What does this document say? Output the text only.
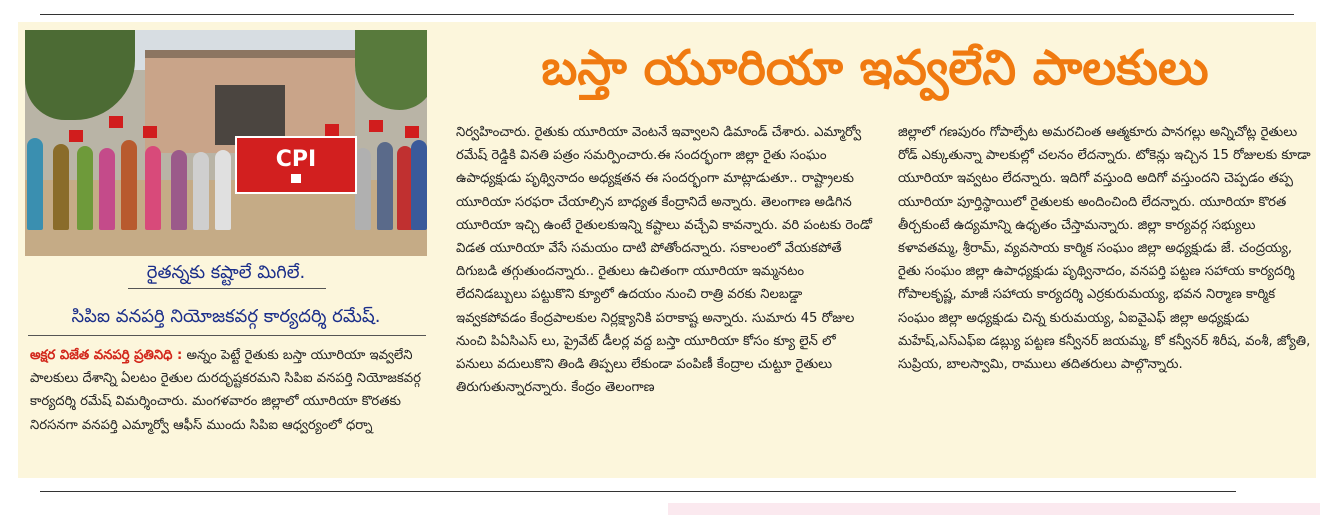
CPI

రైతన్నకు కష్టాలే మిగిలే.
సిపిఐ వనపర్తి నియోజకవర్గ కార్యదర్శి రమేష్.
బస్తా యూరియా ఇవ్వలేని పాలకులు
అక్షర విజేత వనపర్తి ప్రతినిధి : అన్నం పెట్టే రైతుకు బస్తా యూరియా ఇవ్వలేని పాలకులు దేశాన్ని ఏలటం రైతుల దురదృష్టకరమని సిపిఐ వనపర్తి నియోజకవర్గ కార్యదర్శి రమేష్ విమర్శించారు. మంగళవారం జిల్లాలో యూరియా కొరతకు నిరసనగా వనపర్తి ఎమ్మార్వో ఆఫీస్ ముందు సిపిఐ ఆధ్వర్యంలో ధర్నా
నిర్వహించారు. రైతుకు యూరియా వెంటనే ఇవ్వాలని డిమాండ్ చేశారు. ఎమ్మార్వో రమేష్ రెడ్డికి వినతి పత్రం సమర్పించారు.ఈ సందర్భంగా జిల్లా రైతు సంఘం ఉపాధ్యక్షుడు పృథ్వినాదం అధ్యక్షతన ఈ సందర్భంగా మాట్లాడుతూ.. రాష్ట్రాలకు యూరియా సరఫరా చేయాల్సిన బాధ్యత కేంద్రానిదే అన్నారు. తెలంగాణ అడిగిన యూరియా ఇచ్చి ఉంటే రైతులకుఇన్ని కష్టాలు వచ్చేవి కావన్నారు. వరి పంటకు రెండో విడత యూరియా వేసే సమయం దాటి పోతోందన్నారు. సకాలంలో వేయకపోతే దిగుబడి తగ్గుతుందన్నారు.. రైతులు ఉచితంగా యూరియా ఇమ్మనటం లేదనిడబ్బులు పట్టుకొని క్యూలో ఉదయం నుంచి రాత్రి వరకు నిలబడ్డా ఇవ్వకపోవడం కేంద్రపాలకుల నిర్లక్ష్యానికి పరాకాష్ట అన్నారు. సుమారు 45 రోజుల నుంచి పిఏసిఎస్ లు, ప్రైవేట్ డీలర్ల వద్ద బస్తా యూరియా కోసం క్యూ లైన్ లో పనులు వదులుకొని తిండి తిప్పలు లేకుండా పంపిణీ కేంద్రాల చుట్టూ రైతులు తిరుగుతున్నారన్నారు. కేంద్రం తెలంగాణ
జిల్లాలో గణపురం గోపాల్పేట అమరచింత ఆత్మకూరు పానగల్లు అన్నిచోట్ల రైతులు రోడ్ ఎక్కుతున్నా పాలకుల్లో చలనం లేదన్నారు. టోకెన్లు ఇచ్చిన 15 రోజులకు కూడా యూరియా ఇవ్వటం లేదన్నారు. ఇదిగో వస్తుంది అదిగో వస్తుందని చెప్పడం తప్ప యూరియా పూర్తిస్థాయిలో రైతులకు అందించింది లేదన్నారు. యూరియా కొరత తీర్చకుంటే ఉద్యమాన్ని ఉధృతం చేస్తామన్నారు. జిల్లా కార్యవర్గ సభ్యులు కళావతమ్మ, శ్రీరామ్, వ్యవసాయ కార్మిక సంఘం జిల్లా అధ్యక్షుడు జే. చంద్రయ్య, రైతు సంఘం జిల్లా ఉపాధ్యక్షుడు పృథ్వినాదం, వనపర్తి పట్టణ సహాయ కార్యదర్శి గోపాలకృష్ణ, మాజీ సహాయ కార్యదర్శి ఎర్రకురుమయ్య, భవన నిర్మాణ కార్మిక సంఘం జిల్లా అధ్యక్షుడు చిన్న కురుమయ్య, ఏఐవైఎఫ్ జిల్లా అధ్యక్షుడు మహేష్,ఎస్ఎఫ్ఐ డబ్ల్యు పట్టణ కన్వీనర్ జయమ్మ, కో కన్వీనర్ శిరీష, వంశీ, జ్యోతి, సుప్రియ, బాలస్వామి, రాములు తదితరులు పాల్గొన్నారు.
